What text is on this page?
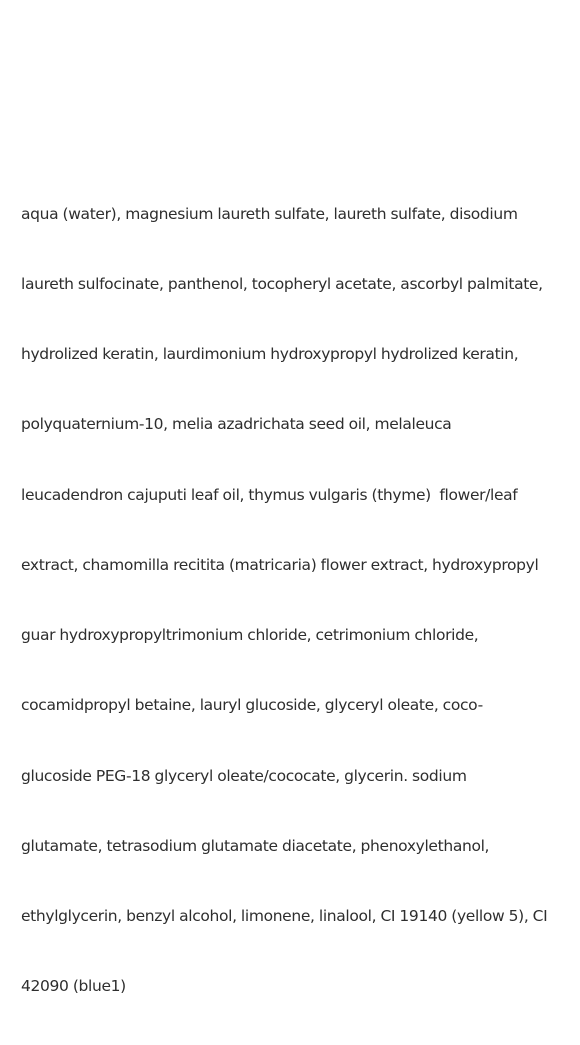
aqua (water), magnesium laureth sulfate, laureth sulfate, disodium

laureth sulfocinate, panthenol, tocopheryl acetate, ascorbyl palmitate,

hydrolized keratin, laurdimonium hydroxypropyl hydrolized keratin,

polyquaternium-10, melia azadrichata seed oil, melaleuca

leucadendron cajuputi leaf oil, thymus vulgaris (thyme)  flower/leaf

extract, chamomilla recitita (matricaria) flower extract, hydroxypropyl

guar hydroxypropyltrimonium chloride, cetrimonium chloride,

cocamidpropyl betaine, lauryl glucoside, glyceryl oleate, coco-

glucoside PEG-18 glyceryl oleate/cococate, glycerin. sodium

glutamate, tetrasodium glutamate diacetate, phenoxylethanol,

ethylglycerin, benzyl alcohol, limonene, linalool, CI 19140 (yellow 5), CI

42090 (blue1)
